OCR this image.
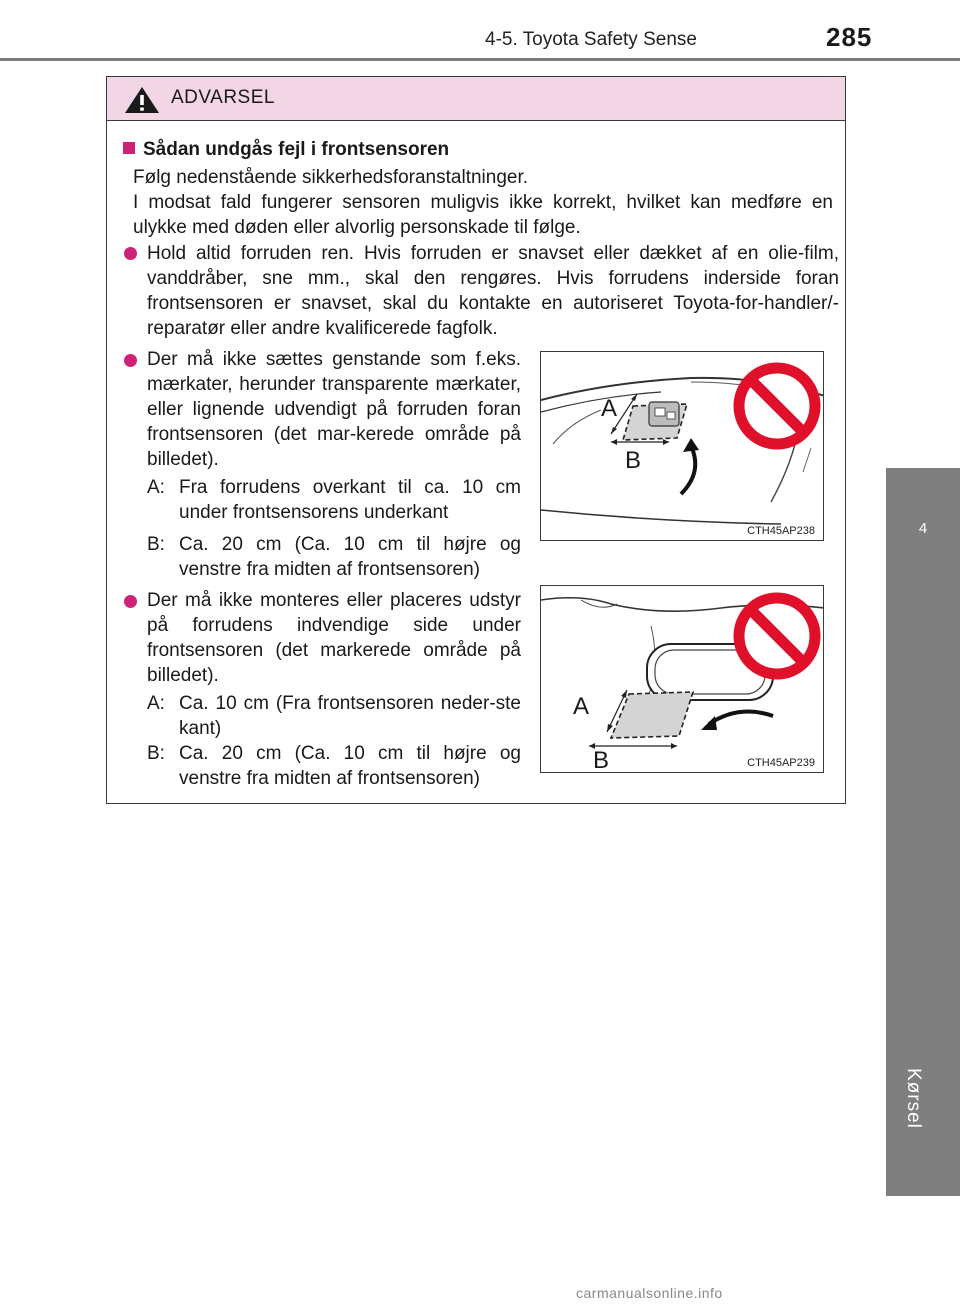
4-5. Toyota Safety Sense	285
4
Kørsel
ADVARSEL
Sådan undgås fejl i frontsensoren
Følg nedenstående sikkerhedsforanstaltninger.
I modsat fald fungerer sensoren muligvis ikke korrekt, hvilket kan medføre en ulykke med døden eller alvorlig personskade til følge.
Hold altid forruden ren. Hvis forruden er snavset eller dækket af en olie-film, vanddråber, sne mm., skal den rengøres. Hvis forrudens inderside foran frontsensoren er snavset, skal du kontakte en autoriseret Toyota-for-handler/-reparatør eller andre kvalificerede fagfolk.
Der må ikke sættes genstande som f.eks. mærkater, herunder transparente mærkater, eller lignende udvendigt på forruden foran frontsensoren (det mar-kerede område på billedet).
A: Fra forrudens overkant til ca. 10 cm under frontsensorens underkant
B: Ca. 20 cm (Ca. 10 cm til højre og venstre fra midten af frontsensoren)
Der må ikke monteres eller placeres udstyr på forrudens indvendige side under frontsensoren (det markerede område på billedet).
A: Ca. 10 cm (Fra frontsensoren neder-ste kant)
B: Ca. 20 cm (Ca. 10 cm til højre og venstre fra midten af frontsensoren)
A
B
CTH45AP238
A
B	CTH45AP239
carmanualsonline.info
